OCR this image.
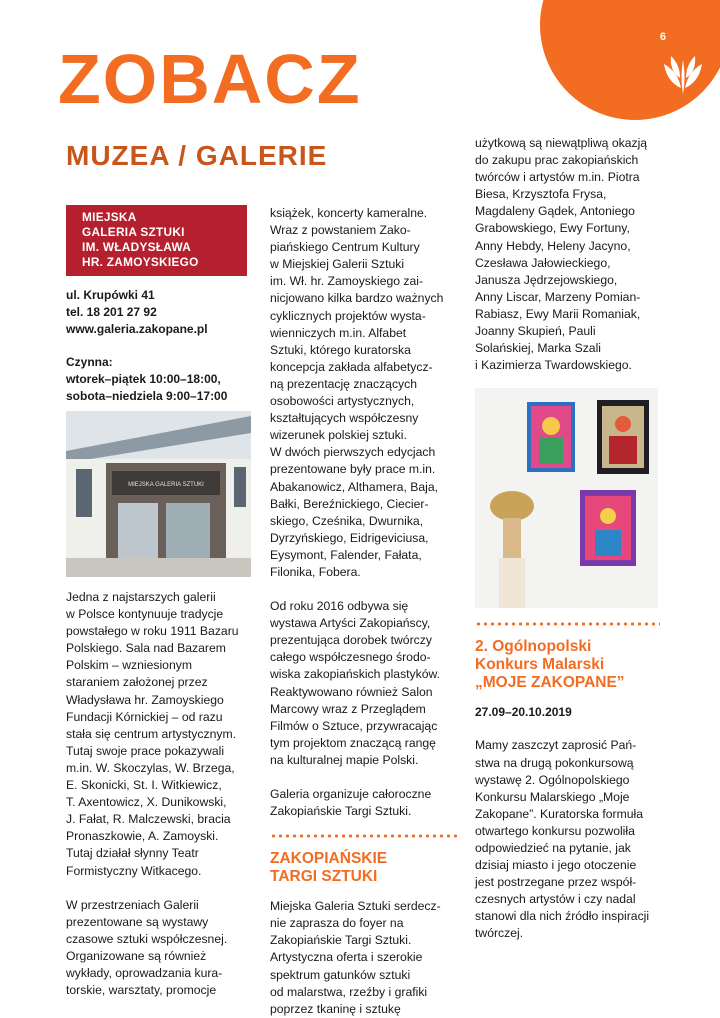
6
ZOBACZ
MUZEA / GALERIE
MIEJSKA
GALERIA SZTUKI
IM. WŁADYSŁAWA
HR. ZAMOYSKIEGO
ul. Krupówki 41
tel. 18 201 27 92
www.galeria.zakopane.pl
Czynna:
wtorek–piątek 10:00–18:00,
sobota–niedziela 9:00–17:00
MIEJSKA GALERIA SZTUKI

Jedna z najstarszych galerii
w Polsce kontynuuje tradycje
powstałego w roku 1911 Bazaru
Polskiego. Sala nad Bazarem
Polskim – wzniesionym
staraniem założonej przez
Władysława hr. Zamoyskiego
Fundacji Kórnickiej – od razu
stała się centrum artystycznym.
Tutaj swoje prace pokazywali
m.in. W. Skoczylas, W. Brzega,
E. Skonicki, St. I. Witkiewicz,
T. Axentowicz, X. Dunikowski,
J. Fałat, R. Malczewski, bracia
Pronaszkowie, A. Zamoyski.
Tutaj działał słynny Teatr
Formistyczny Witkacego.

W przestrzeniach Galerii
prezentowane są wystawy
czasowe sztuki współczesnej.
Organizowane są również
wykłady, oprowadzania kura-
torskie, warsztaty, promocje

książek, koncerty kameralne.
Wraz z powstaniem Zako-
piańskiego Centrum Kultury
w Miejskiej Galerii Sztuki
im. Wł. hr. Zamoyskiego zai-
nicjowano kilka bardzo ważnych
cyklicznych projektów wysta-
wienniczych m.in. Alfabet
Sztuki, którego kuratorska
koncepcja zakłada alfabetycz-
ną prezentację znaczących
osobowości artystycznych,
kształtujących współczesny
wizerunek polskiej sztuki.
W dwóch pierwszych edycjach
prezentowane były prace m.in.
Abakanowicz, Althamera, Baja,
Bałki, Bereźnickiego, Ciecier-
skiego, Cześnika, Dwurnika,
Dyrzyńskiego, Eidrigeviciusa,
Eysymont, Falender, Fałata,
Filonika, Fobera.

Od roku 2016 odbywa się
wystawa Artyści Zakopiańscy,
prezentująca dorobek twórczy
całego współczesnego środo-
wiska zakopiańskich plastyków.
Reaktywowano również Salon
Marcowy wraz z Przeglądem
Filmów o Sztuce, przywracając
tym projektom znaczącą rangę
na kulturalnej mapie Polski.

Galeria organizuje całoroczne
Zakopiańskie Targi Sztuki.

ZAKOPIAŃSKIE
TARGI SZTUKI

Miejska Galeria Sztuki serdecz-
nie zaprasza do foyer na
Zakopiańskie Targi Sztuki.
Artystyczna oferta i szerokie
spektrum gatunków sztuki
od malarstwa, rzeźby i grafiki
poprzez tkaninę i sztukę

użytkową są niewątpliwą okazją
do zakupu prac zakopiańskich
twórców i artystów m.in. Piotra
Biesa, Krzysztofa Frysa,
Magdaleny Gądek, Antoniego
Grabowskiego, Ewy Fortuny,
Anny Hebdy, Heleny Jacyno,
Czesława Jałowieckiego,
Janusza Jędrzejowskiego,
Anny Liscar, Marzeny Pomian-
Rabiasz, Ewy Marii Romaniak,
Joanny Skupień, Pauli
Solańskiej, Marka Szali
i Kazimierza Twardowskiego.

2. Ogólnopolski
Konkurs Malarski
„MOJE ZAKOPANE”
27.09–20.10.2019

Mamy zaszczyt zaprosić Pań-
stwa na drugą pokonkursową
wystawę 2. Ogólnopolskiego
Konkursu Malarskiego „Moje
Zakopane”. Kuratorska formuła
otwartego konkursu pozwoliła
odpowiedzieć na pytanie, jak
dzisiaj miasto i jego otoczenie
jest postrzegane przez współ-
czesnych artystów i czy nadal
stanowi dla nich źródło inspiracji
twórczej.
